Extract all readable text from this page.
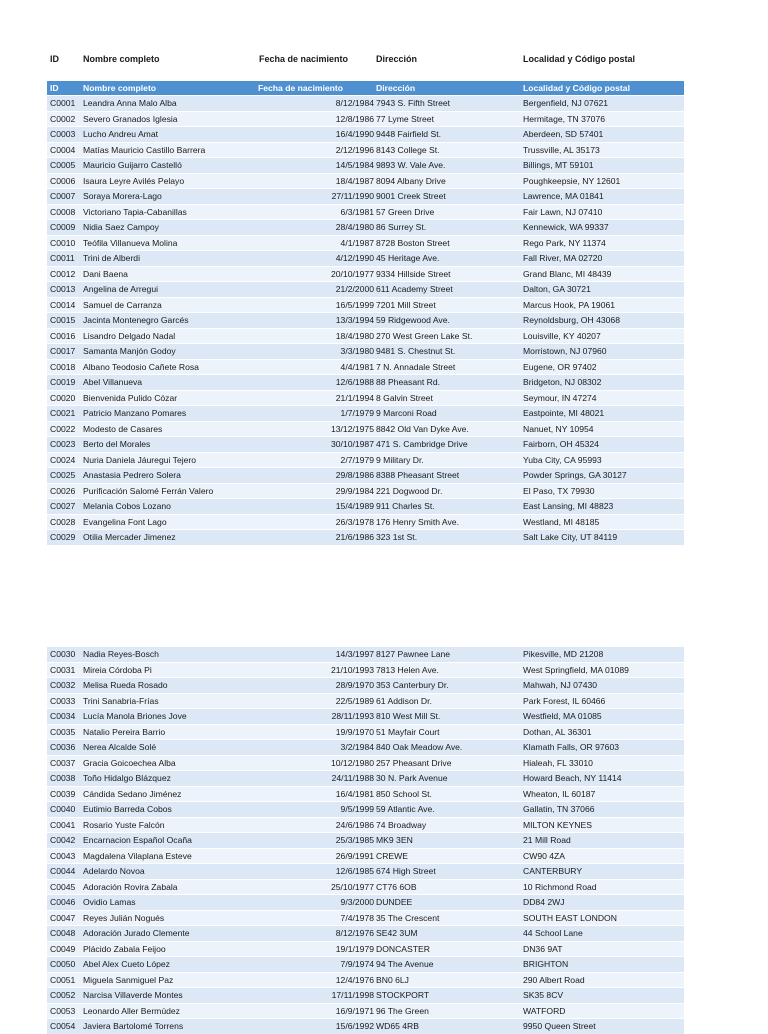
ID	Nombre completo	Fecha de nacimiento	Dirección	Localidad y Código postal
ID	Nombre completo	Fecha de nacimiento	Dirección	Localidad y Código postal
C0001 Leandra Anna Malo Alba	8/12/1984 7943 S. Fifth Street	Bergenfield, NJ 07621
C0002 Severo Granados Iglesia	12/8/1986 77 Lyme Street	Hermitage, TN 37076
C0003 Lucho Andreu Amat	16/4/1990 9448 Fairfield St.	Aberdeen, SD 57401
C0004 Matías Mauricio Castillo Barrera	2/12/1996 8143 College St.	Trussville, AL 35173
C0005 Mauricio Guijarro Castelló	14/5/1984 9893 W. Vale Ave.	Billings, MT 59101
C0006 Isaura Leyre Avilés Pelayo	18/4/1987 8094 Albany Drive	Poughkeepsie, NY 12601
C0007 Soraya Morera-Lago	27/11/1990 9001 Creek Street	Lawrence, MA 01841
C0008 Victoriano Tapia-Cabanillas	6/3/1981 57 Green Drive	Fair Lawn, NJ 07410
C0009 Nidia Saez Campoy	28/4/1980 86 Surrey St.	Kennewick, WA 99337
C0010 Teófila Villanueva Molina	4/1/1987 8728 Boston Street	Rego Park, NY 11374
C0011 Trini de Alberdi	4/12/1990 45 Heritage Ave.	Fall River, MA 02720
C0012 Dani Baena	20/10/1977 9334 Hillside Street	Grand Blanc, MI 48439
C0013 Angelina de Arregui	21/2/2000 611 Academy Street	Dalton, GA 30721
C0014 Samuel de Carranza	16/5/1999 7201 Mill Street	Marcus Hook, PA 19061
C0015 Jacinta Montenegro Garcés	13/3/1994 59 Ridgewood Ave.	Reynoldsburg, OH 43068
C0016 Lisandro Delgado Nadal	18/4/1980 270 West Green Lake St.	Louisville, KY 40207
C0017 Samanta Manjón Godoy	3/3/1980 9481 S. Chestnut St.	Morristown, NJ 07960
C0018 Albano Teodosio Cañete Rosa	4/4/1981 7 N. Annadale Street	Eugene, OR 97402
C0019 Abel Villanueva	12/6/1988 88 Pheasant Rd.	Bridgeton, NJ 08302
C0020 Bienvenida Pulido Cózar	21/1/1994 8 Galvin Street	Seymour, IN 47274
C0021 Patricio Manzano Pomares	1/7/1979 9 Marconi Road	Eastpointe, MI 48021
C0022 Modesto de Casares	13/12/1975 8842 Old Van Dyke Ave.	Nanuet, NY 10954
C0023 Berto del Morales	30/10/1987 471 S. Cambridge Drive	Fairborn, OH 45324
C0024 Nuria Daniela Jáuregui Tejero	2/7/1979 9 Military Dr.	Yuba City, CA 95993
C0025 Anastasia Pedrero Solera	29/8/1986 8388 Pheasant Street	Powder Springs, GA 30127
C0026 Purificación Salomé Ferrán Valero	29/9/1984 221 Dogwood Dr.	El Paso, TX 79930
C0027 Melania Cobos Lozano	15/4/1989 911 Charles St.	East Lansing, MI 48823
C0028 Evangelina Font Lago	26/3/1978 176 Henry Smith Ave.	Westland, MI 48185
C0029 Otilia Mercader Jimenez	21/6/1986 323 1st St.	Salt Lake City, UT 84119
C0030 Nadia Reyes-Bosch	14/3/1997 8127 Pawnee Lane	Pikesville, MD 21208
C0031 Mireia Córdoba Pi	21/10/1993 7813 Helen Ave.	West Springfield, MA 01089
C0032 Melisa Rueda Rosado	28/9/1970 353 Canterbury Dr.	Mahwah, NJ 07430
C0033 Trini Sanabria-Frías	22/5/1989 61 Addison Dr.	Park Forest, IL 60466
C0034 Lucía Manola Briones Jove	28/11/1993 810 West Mill St.	Westfield, MA 01085
C0035 Natalio Pereira Barrio	19/9/1970 51 Mayfair Court	Dothan, AL 36301
C0036 Nerea Alcalde Solé	3/2/1984 840 Oak Meadow Ave.	Klamath Falls, OR 97603
C0037 Gracia Goicoechea Alba	10/12/1980 257 Pheasant Drive	Hialeah, FL 33010
C0038 Toño Hidalgo Blázquez	24/11/1988 30 N. Park Avenue	Howard Beach, NY 11414
C0039 Cándida Sedano Jiménez	16/4/1981 850 School St.	Wheaton, IL 60187
C0040 Eutimio Barreda Cobos	9/5/1999 59 Atlantic Ave.	Gallatin, TN 37066
C0041 Rosario Yuste Falcón	24/6/1986 74 Broadway	MILTON KEYNES
C0042 Encarnacion Español Ocaña	25/3/1985 MK9 3EN	21 Mill Road
C0043 Magdalena Vilaplana Esteve	26/9/1991 CREWE	CW90 4ZA
C0044 Adelardo Novoa	12/6/1985 674 High Street	CANTERBURY
C0045 Adoración Rovira Zabala	25/10/1977 CT76 6OB	10 Richmond Road
C0046 Ovidio Lamas	9/3/2000 DUNDEE	DD84 2WJ
C0047 Reyes Julián Nogués	7/4/1978 35 The Crescent	SOUTH EAST LONDON
C0048 Adoración Jurado Clemente	8/12/1976 SE42 3UM	44 School Lane
C0049 Plácido Zabala Feijoo	19/1/1979 DONCASTER	DN36 9AT
C0050 Abel Alex Cueto López	7/9/1974 94 The Avenue	BRIGHTON
C0051 Miguela Sanmiguel Paz	12/4/1976 BN0 6LJ	290 Albert Road
C0052 Narcisa Villaverde Montes	17/11/1998 STOCKPORT	SK35 8CV
C0053 Leonardo Aller Bermúdez	16/9/1971 96 The Green	WATFORD
C0054 Javiera Bartolomé Torrens	15/6/1992 WD65 4RB	9950 Queen Street
